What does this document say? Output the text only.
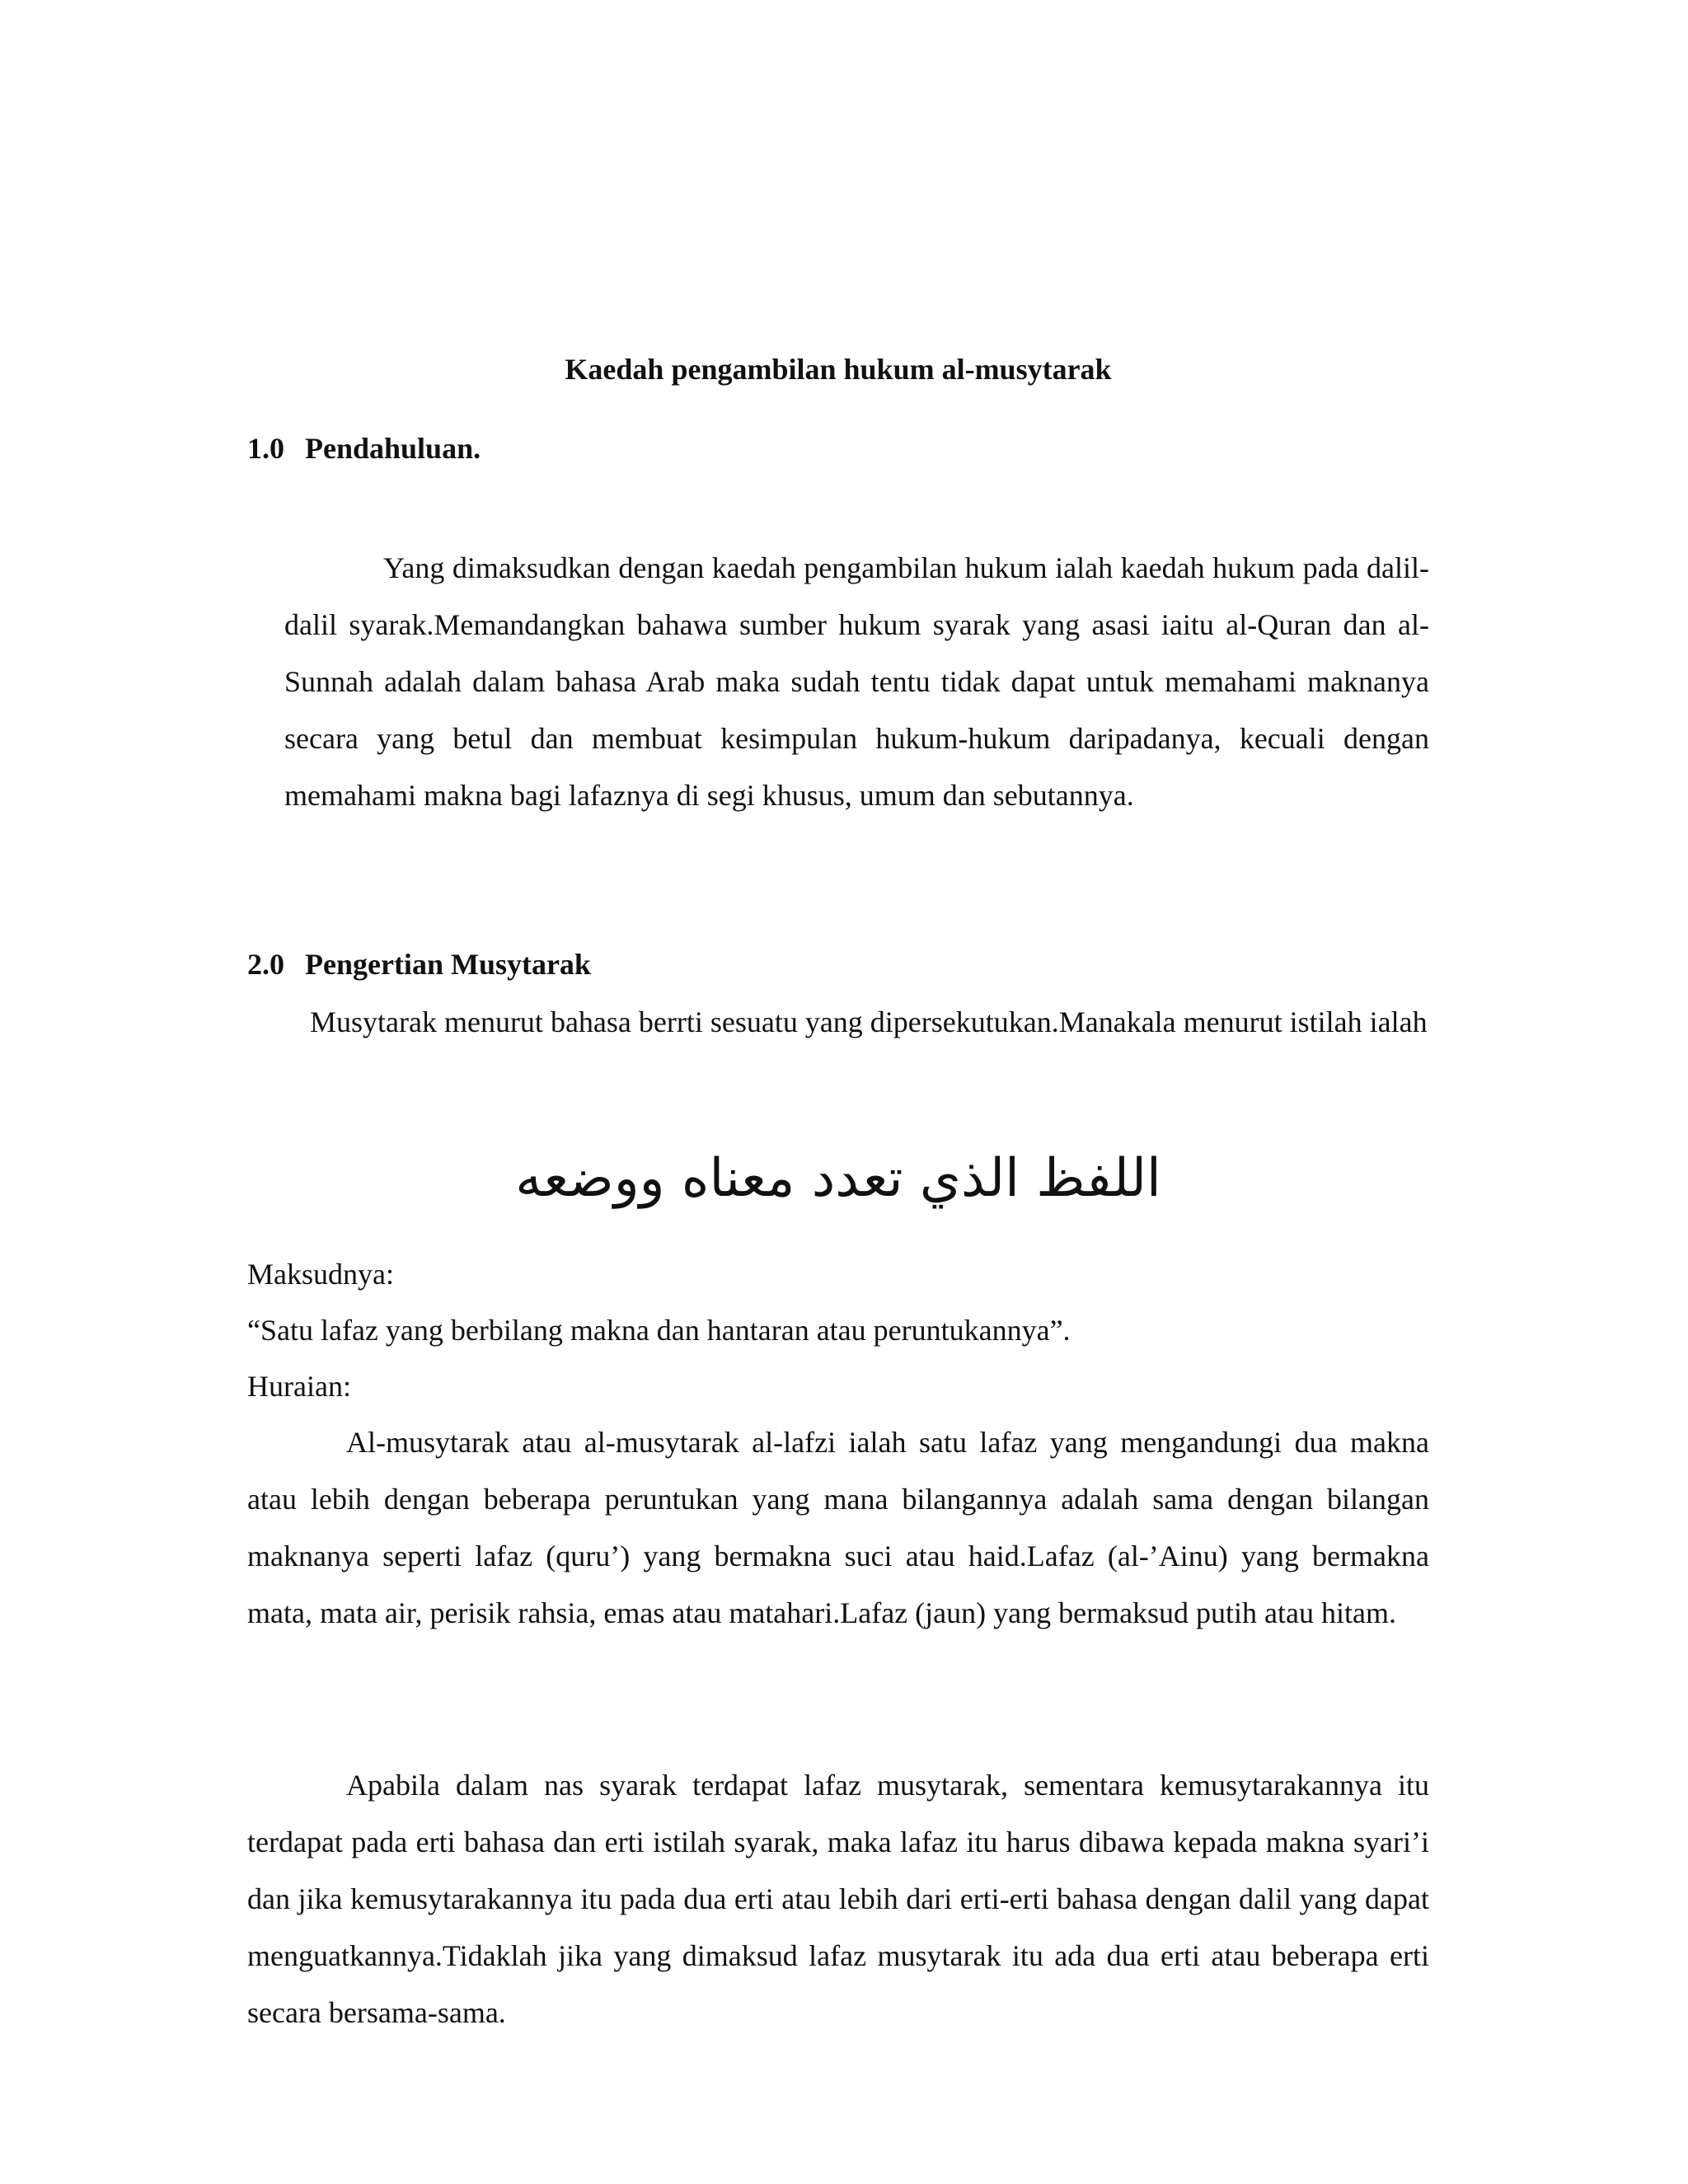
Kaedah pengambilan hukum al-musytarak
1.0 Pendahuluan.

Yang dimaksudkan dengan kaedah pengambilan hukum ialah kaedah hukum pada dalil-dalil syarak.Memandangkan bahawa sumber hukum syarak yang asasi iaitu al-Quran dan al-Sunnah adalah dalam bahasa Arab maka sudah tentu tidak dapat untuk memahami maknanya secara yang betul dan membuat kesimpulan hukum-hukum daripadanya, kecuali dengan memahami makna bagi lafaznya di segi khusus, umum dan sebutannya.

2.0 Pengertian Musytarak

Musytarak menurut bahasa berrti sesuatu yang dipersekutukan.Manakala menurut istilah ialah

اللفظ الذي تعدد معناه ووضعه
Maksudnya:
“Satu lafaz yang berbilang makna dan hantaran atau peruntukannya”.
Huraian:

Al-musytarak atau al-musytarak al-lafzi ialah satu lafaz yang mengandungi dua makna atau lebih dengan beberapa peruntukan yang mana bilangannya adalah sama dengan bilangan maknanya seperti lafaz (quru’) yang bermakna suci atau haid.Lafaz (al-’Ainu) yang bermakna mata, mata air, perisik rahsia, emas atau matahari.Lafaz (jaun) yang bermaksud putih atau hitam.

Apabila dalam nas syarak terdapat lafaz musytarak, sementara kemusytarakannya itu terdapat pada erti bahasa dan erti istilah syarak, maka lafaz itu harus dibawa kepada makna syari’i dan jika kemusytarakannya itu pada dua erti atau lebih dari erti-erti bahasa dengan dalil yang dapat menguatkannya.Tidaklah jika yang dimaksud lafaz musytarak itu ada dua erti atau beberapa erti secara bersama-sama.
